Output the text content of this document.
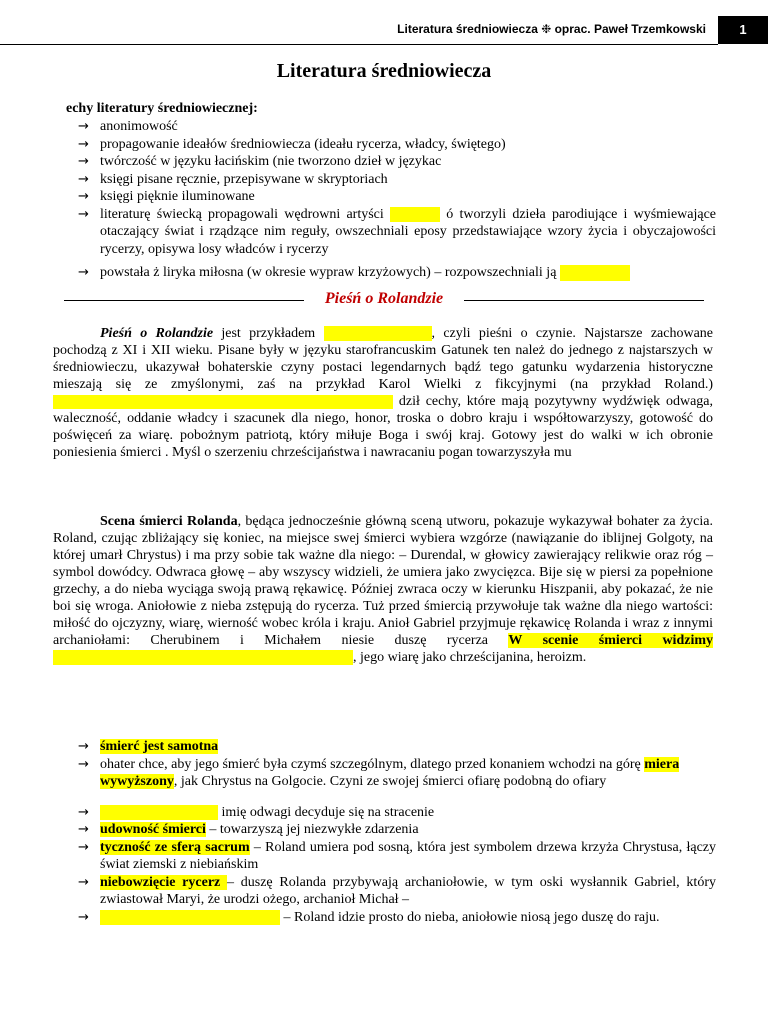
Literatura średniowiecza ❉ oprac. Paweł Trzemkowski	1
Literatura średniowiecza
echy literatury średniowiecznej:
→ anonimowość
→ propagowanie ideałów średniowiecza (ideału rycerza, władcy, świętego)
→ twórczość w języku łacińskim (nie tworzono dzieł w językac
→ księgi pisane ręcznie, przepisywane w skryptoriach
→ księgi pięknie iluminowane
→ literaturę świecką propagowali wędrowni artyści	ó tworzyli dzieła parodiujące i wyśmiewające otaczający świat i rządzące nim reguły, owszechniali eposy przedstawiające wzory życia i obyczajowości rycerzy, opisywa losy władców i rycerzy
→ powstała ż liryka miłosna (w okresie wypraw krzyżowych) – rozpowszechniali ją
Pieśń o Rolandzie

Pieśń o Rolandzie jest przykładem	, czyli pieśni o czynie. Najstarsze zachowane pochodzą z XI i XII wieku. Pisane były w języku starofrancuskim Gatunek ten należ do jednego z najstarszych w średniowieczu, ukazywał bohaterskie czyny postaci legendarnych bądź tego gatunku wydarzenia historyczne mieszają się ze zmyślonymi, zaś na przykład Karol Wielki z fikcyjnymi (na przykład Roland.)  dził cechy, które mają pozytywny wydźwięk odwaga, waleczność, oddanie władcy i szacunek dla niego, honor, troska o dobro kraju i współtowarzyszy, gotowość do poświęceń za wiarę. pobożnym patriotą, który miłuje Boga i swój kraj. Gotowy jest do walki w ich obronie poniesienia śmierci . Myśl o szerzeniu chrześcijaństwa i nawracaniu pogan towarzyszyła mu

Scena śmierci Rolanda, będąca jednocześnie główną sceną utworu, pokazuje wykazywał bohater za życia. Roland, czując zbliżający się koniec, na miejsce swej śmierci wybiera wzgórze (nawiązanie do iblijnej Golgoty, na której umarł Chrystus) i ma przy sobie tak ważne dla niego: – Durendal, w głowicy zawierający relikwie oraz róg – symbol dowódcy. Odwraca głowę – aby wszyscy widzieli, że umiera jako zwycięzca. Bije się w piersi za popełnione grzechy, a do nieba wyciąga swoją prawą rękawicę. Później zwraca oczy w kierunku Hiszpanii, aby pokazać, że nie boi się wroga. Aniołowie z nieba zstępują do rycerza. Tuż przed śmiercią przywołuje tak ważne dla niego wartości: miłość do ojczyzny, wiarę, wierność wobec króla i kraju. Anioł Gabriel przyjmuje rękawicę Rolanda i wraz z innymi archaniołami: Cherubinem i Michałem niesie duszę rycerza W scenie śmierci widzimy, jego wiarę jako chrześcijanina, heroizm.

→ śmierć jest samotna
→ ohater chce, aby jego śmierć była czymś szczególnym, dlatego przed konaniem wchodzi na górę miera wywyższony, jak Chrystus na Golgocie. Czyni ze swojej śmierci ofiarę podobną do ofiary
→	imię odwagi decyduje się na stracenie
→ udowność śmierci – towarzyszą jej niezwykłe zdarzenia
→ tyczność ze sferą sacrum – Roland umiera pod sosną, która jest symbolem drzewa krzyża Chrystusa, łączy świat ziemski z niebiańskim
→ niebowzięcie rycerz – duszę Rolanda przybywają archaniołowie, w tym oski wysłannik Gabriel, który zwiastował Maryi, że urodzi ożego, archanioł Michał –
→	– Roland idzie prosto do nieba, aniołowie niosą jego duszę do raju.
